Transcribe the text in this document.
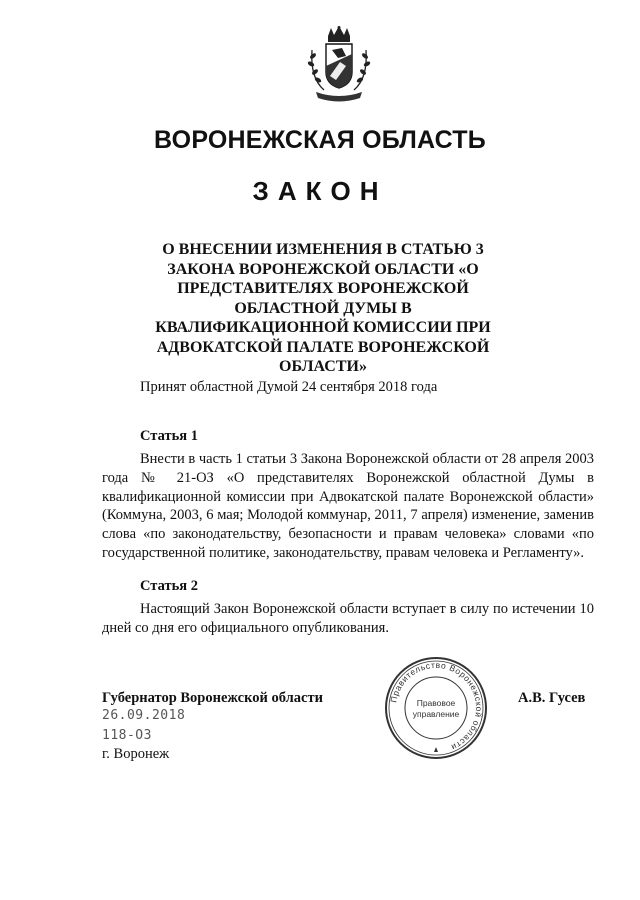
ВОРОНЕЖСКАЯ ОБЛАСТЬ
ЗАКОН
О ВНЕСЕНИИ ИЗМЕНЕНИЯ В СТАТЬЮ 3 ЗАКОНА ВОРОНЕЖСКОЙ ОБЛАСТИ «О ПРЕДСТАВИТЕЛЯХ ВОРОНЕЖСКОЙ ОБЛАСТНОЙ ДУМЫ В КВАЛИФИКАЦИОННОЙ КОМИССИИ ПРИ АДВОКАТСКОЙ ПАЛАТЕ ВОРОНЕЖСКОЙ ОБЛАСТИ»
Принят областной Думой 24 сентября 2018 года
Статья 1
Внести в часть 1 статьи 3 Закона Воронежской области от 28 апреля 2003 года № 21-ОЗ «О представителях Воронежской областной Думы в квалификационной комиссии при Адвокатской палате Воронежской области» (Коммуна, 2003, 6 мая; Молодой коммунар, 2011, 7 апреля) изменение, заменив слова «по законодательству, безопасности и правам человека» словами «по государственной политике, законодательству, правам человека и Регламенту».
Статья 2
Настоящий Закон Воронежской области вступает в силу по истечении 10 дней со дня его официального опубликования.
Губернатор Воронежской области	А.В. Гусев
26.09.2018
118-ОЗ
г. Воронеж
Правительство Воронежской области
Правовое
управление
